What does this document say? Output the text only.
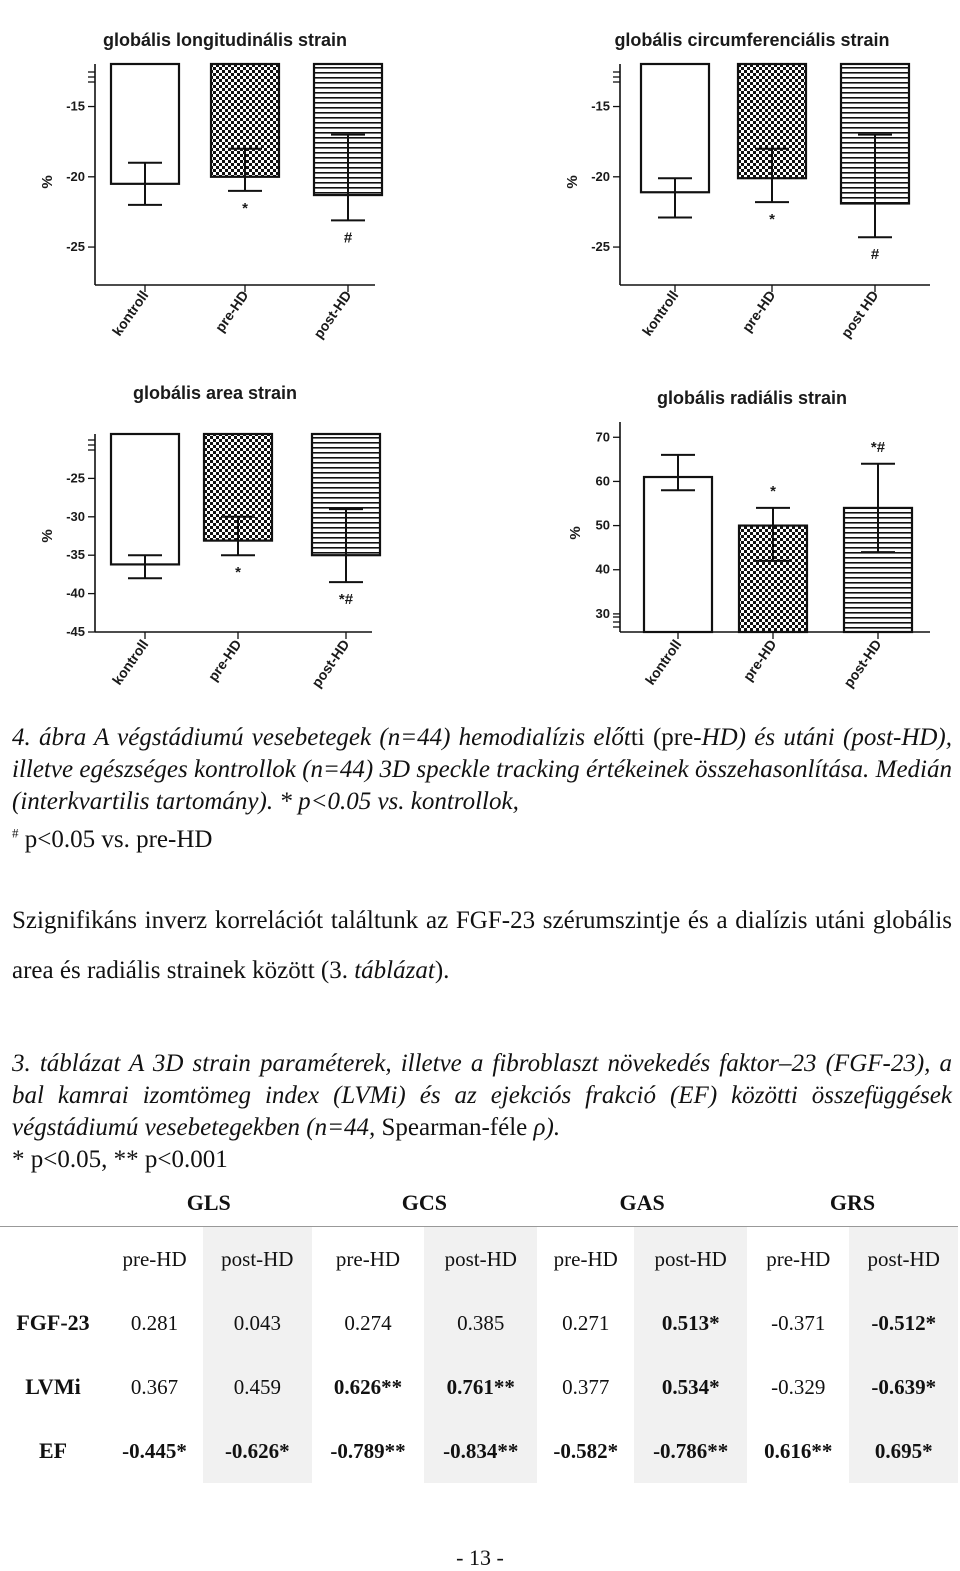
globális longitudinális strain
-15
-20
-25
%
kontroll	pre-HD
*
post-HD
#
globális circumferenciális strain
-15
-20
-25
%
kontroll	pre-HD
*
post HD
#
globális area strain
-25
-30
-35
-40
-45
%
kontroll	pre-HD
*
post-HD
*#
globális radiális strain
70
60
50
40
30
%
kontroll	pre-HD
*
post-HD
*#
4. ábra A végstádiumú vesebetegek (n=44) hemodialízis előtti (pre-HD) és utáni (post-HD), illetve egészséges kontrollok (n=44) 3D speckle tracking értékeinek összehasonlítása. Medián (interkvartilis tartomány). * p<0.05 vs. kontrollok,
# p<0.05 vs. pre-HD
Szignifikáns inverz korrelációt találtunk az FGF-23 szérumszintje és a dialízis utáni globális area és radiális strainek között (3. táblázat).
3. táblázat A 3D strain paraméterek, illetve a fibroblaszt növekedés faktor–23 (FGF-23), a bal kamrai izomtömeg index (LVMi) és az ejekciós frakció (EF) közötti összefüggések végstádiumú vesebetegekben (n=44, Spearman-féle ρ).
* p<0.05, ** p<0.001
	GLS		GCS		GAS		GRS	
	pre-HD	post-HD	pre-HD	post-HD	pre-HD	post-HD	pre-HD	post-HD
FGF-23	0.281	0.043	0.274	0.385	0.271	0.513*	-0.371	-0.512*
LVMi	0.367	0.459	0.626**	0.761**	0.377	0.534*	-0.329	-0.639*
EF	-0.445*	-0.626*	-0.789**	-0.834**	-0.582*	-0.786**	0.616**	0.695*
- 13 -
